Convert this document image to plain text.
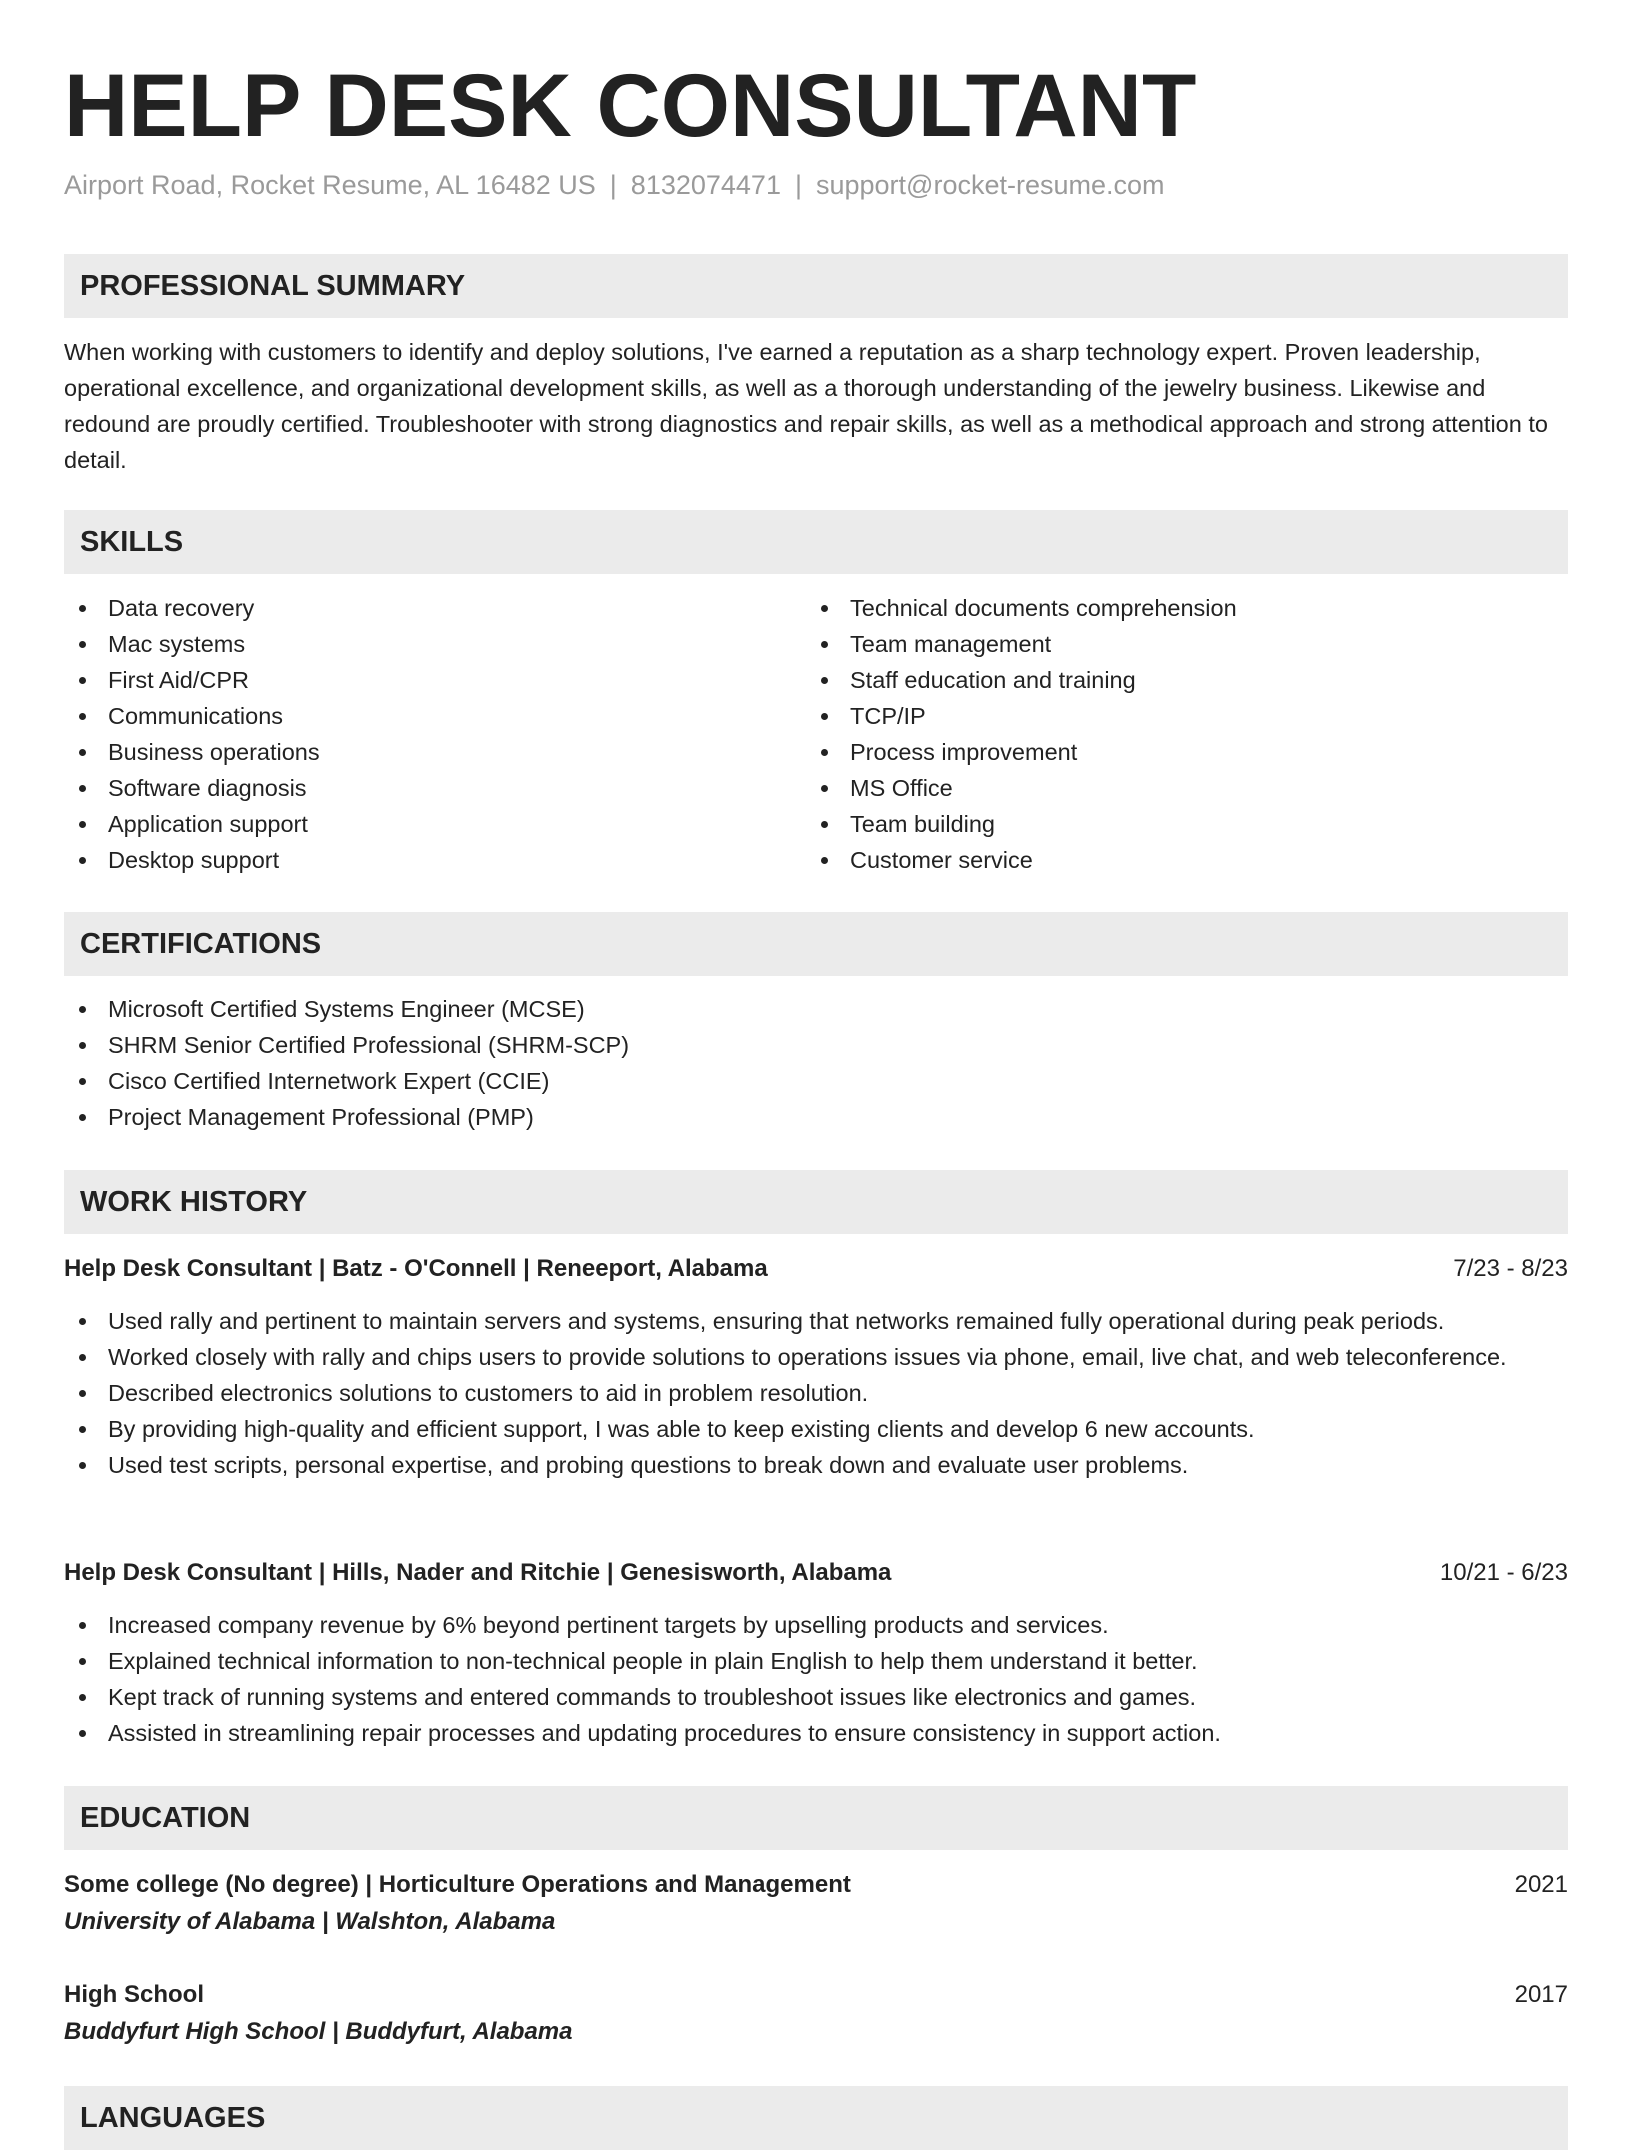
HELP DESK CONSULTANT
Airport Road, Rocket Resume, AL 16482 US | 8132074471 | support@rocket-resume.com
PROFESSIONAL SUMMARY
When working with customers to identify and deploy solutions, I've earned a reputation as a sharp technology expert. Proven leadership, operational excellence, and organizational development skills, as well as a thorough understanding of the jewelry business. Likewise and redound are proudly certified. Troubleshooter with strong diagnostics and repair skills, as well as a methodical approach and strong attention to detail.
SKILLS
Data recovery
Mac systems
First Aid/CPR
Communications
Business operations
Software diagnosis
Application support
Desktop support
Technical documents comprehension
Team management
Staff education and training
TCP/IP
Process improvement
MS Office
Team building
Customer service
CERTIFICATIONS
Microsoft Certified Systems Engineer (MCSE)
SHRM Senior Certified Professional (SHRM-SCP)
Cisco Certified Internetwork Expert (CCIE)
Project Management Professional (PMP)
WORK HISTORY
Help Desk Consultant | Batz - O'Connell | Reneeport, Alabama	7/23 - 8/23
Used rally and pertinent to maintain servers and systems, ensuring that networks remained fully operational during peak periods.
Worked closely with rally and chips users to provide solutions to operations issues via phone, email, live chat, and web teleconference.
Described electronics solutions to customers to aid in problem resolution.
By providing high-quality and efficient support, I was able to keep existing clients and develop 6 new accounts.
Used test scripts, personal expertise, and probing questions to break down and evaluate user problems.
Help Desk Consultant | Hills, Nader and Ritchie | Genesisworth, Alabama	10/21 - 6/23
Increased company revenue by 6% beyond pertinent targets by upselling products and services.
Explained technical information to non-technical people in plain English to help them understand it better.
Kept track of running systems and entered commands to troubleshoot issues like electronics and games.
Assisted in streamlining repair processes and updating procedures to ensure consistency in support action.
EDUCATION
Some college (No degree) | Horticulture Operations and Management	2021
University of Alabama | Walshton, Alabama
High School	2017
Buddyfurt High School | Buddyfurt, Alabama
LANGUAGES
